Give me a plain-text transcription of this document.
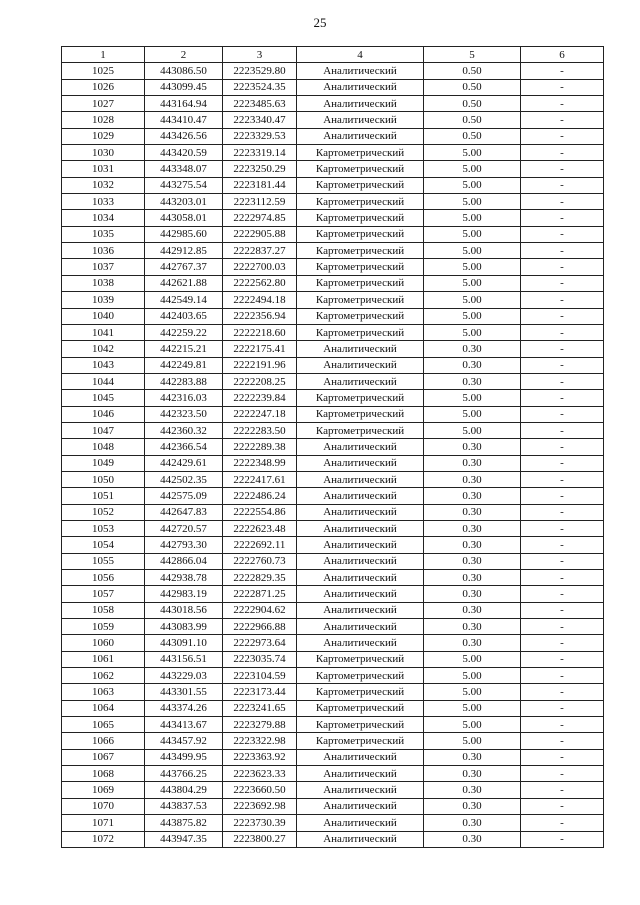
25
1	2	3	4	5	6
1025	443086.50	2223529.80	Аналитический	0.50	-
1026	443099.45	2223524.35	Аналитический	0.50	-
1027	443164.94	2223485.63	Аналитический	0.50	-
1028	443410.47	2223340.47	Аналитический	0.50	-
1029	443426.56	2223329.53	Аналитический	0.50	-
1030	443420.59	2223319.14	Картометрический	5.00	-
1031	443348.07	2223250.29	Картометрический	5.00	-
1032	443275.54	2223181.44	Картометрический	5.00	-
1033	443203.01	2223112.59	Картометрический	5.00	-
1034	443058.01	2222974.85	Картометрический	5.00	-
1035	442985.60	2222905.88	Картометрический	5.00	-
1036	442912.85	2222837.27	Картометрический	5.00	-
1037	442767.37	2222700.03	Картометрический	5.00	-
1038	442621.88	2222562.80	Картометрический	5.00	-
1039	442549.14	2222494.18	Картометрический	5.00	-
1040	442403.65	2222356.94	Картометрический	5.00	-
1041	442259.22	2222218.60	Картометрический	5.00	-
1042	442215.21	2222175.41	Аналитический	0.30	-
1043	442249.81	2222191.96	Аналитический	0.30	-
1044	442283.88	2222208.25	Аналитический	0.30	-
1045	442316.03	2222239.84	Картометрический	5.00	-
1046	442323.50	2222247.18	Картометрический	5.00	-
1047	442360.32	2222283.50	Картометрический	5.00	-
1048	442366.54	2222289.38	Аналитический	0.30	-
1049	442429.61	2222348.99	Аналитический	0.30	-
1050	442502.35	2222417.61	Аналитический	0.30	-
1051	442575.09	2222486.24	Аналитический	0.30	-
1052	442647.83	2222554.86	Аналитический	0.30	-
1053	442720.57	2222623.48	Аналитический	0.30	-
1054	442793.30	2222692.11	Аналитический	0.30	-
1055	442866.04	2222760.73	Аналитический	0.30	-
1056	442938.78	2222829.35	Аналитический	0.30	-
1057	442983.19	2222871.25	Аналитический	0.30	-
1058	443018.56	2222904.62	Аналитический	0.30	-
1059	443083.99	2222966.88	Аналитический	0.30	-
1060	443091.10	2222973.64	Аналитический	0.30	-
1061	443156.51	2223035.74	Картометрический	5.00	-
1062	443229.03	2223104.59	Картометрический	5.00	-
1063	443301.55	2223173.44	Картометрический	5.00	-
1064	443374.26	2223241.65	Картометрический	5.00	-
1065	443413.67	2223279.88	Картометрический	5.00	-
1066	443457.92	2223322.98	Картометрический	5.00	-
1067	443499.95	2223363.92	Аналитический	0.30	-
1068	443766.25	2223623.33	Аналитический	0.30	-
1069	443804.29	2223660.50	Аналитический	0.30	-
1070	443837.53	2223692.98	Аналитический	0.30	-
1071	443875.82	2223730.39	Аналитический	0.30	-
1072	443947.35	2223800.27	Аналитический	0.30	-
